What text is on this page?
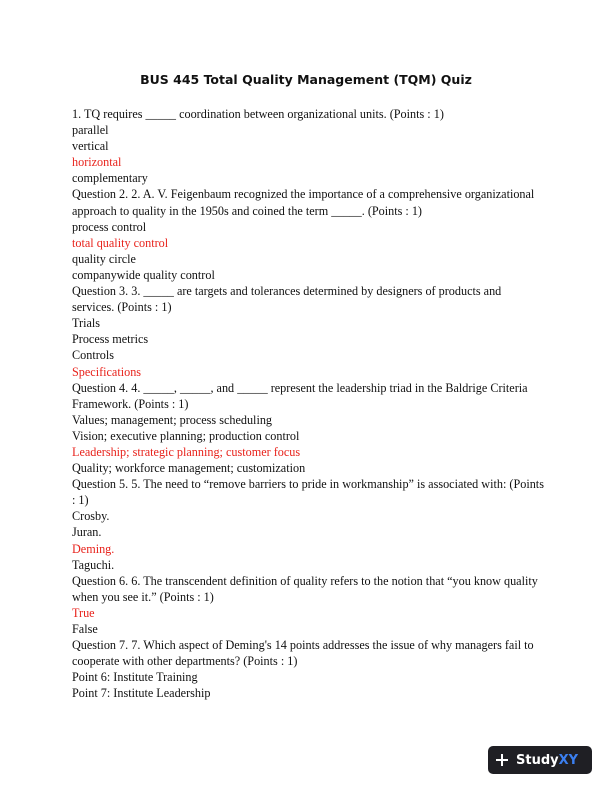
BUS 445 Total Quality Management (TQM) Quiz

1. TQ requires _____ coordination between organizational units. (Points : 1)

parallel

vertical

horizontal

complementary

Question 2. 2. A. V. Feigenbaum recognized the importance of a comprehensive organizational approach to quality in the 1950s and coined the term _____. (Points : 1)

process control

total quality control

quality circle

companywide quality control

Question 3. 3. _____ are targets and tolerances determined by designers of products and services. (Points : 1)

Trials

Process metrics

Controls

Specifications

Question 4. 4. _____, _____, and _____ represent the leadership triad in the Baldrige Criteria Framework. (Points : 1)

Values; management; process scheduling

Vision; executive planning; production control

Leadership; strategic planning; customer focus

Quality; workforce management; customization

Question 5. 5. The need to “remove barriers to pride in workmanship” is associated with: (Points : 1)

Crosby.

Juran.

Deming.

Taguchi.

Question 6. 6. The transcendent definition of quality refers to the notion that “you know quality when you see it.” (Points : 1)

True

False

Question 7. 7. Which aspect of Deming's 14 points addresses the issue of why managers fail to cooperate with other departments? (Points : 1)

Point 6: Institute Training

Point 7: Institute Leadership

StudyXY
